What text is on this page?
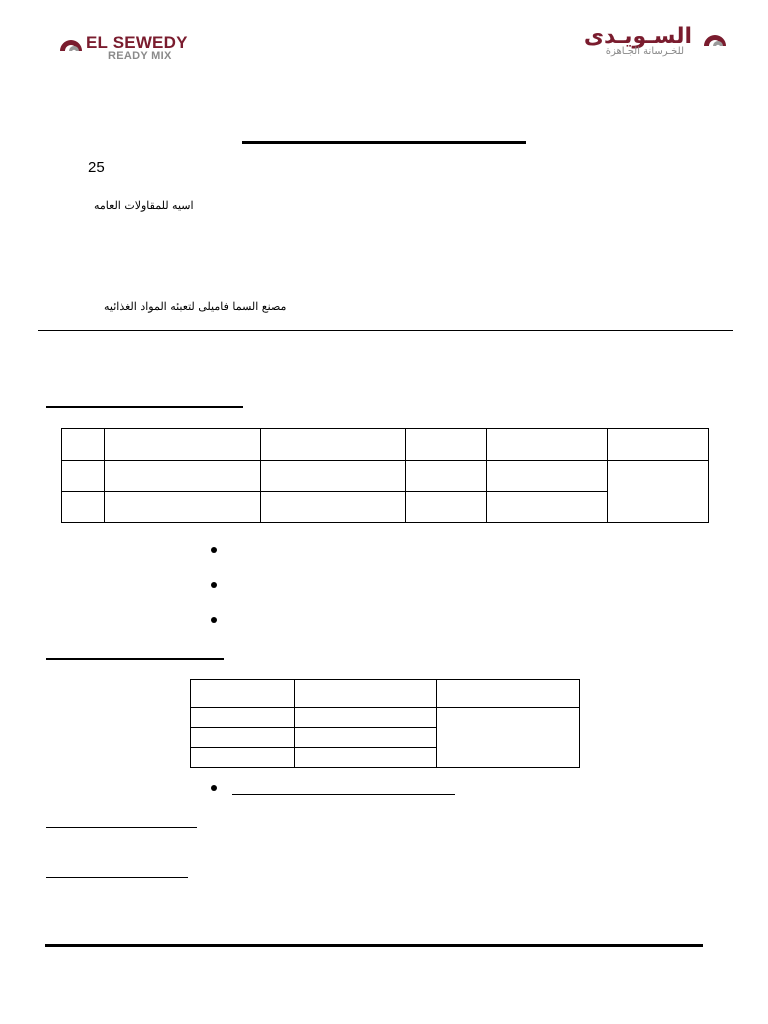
EL SEWEDY
READY MIX
السـويـدى
للخـرسانة الجـاهزة
25
اسيه للمقاولات العامه
مصنع السما فاميلى لتعبئه المواد الغذائيه
